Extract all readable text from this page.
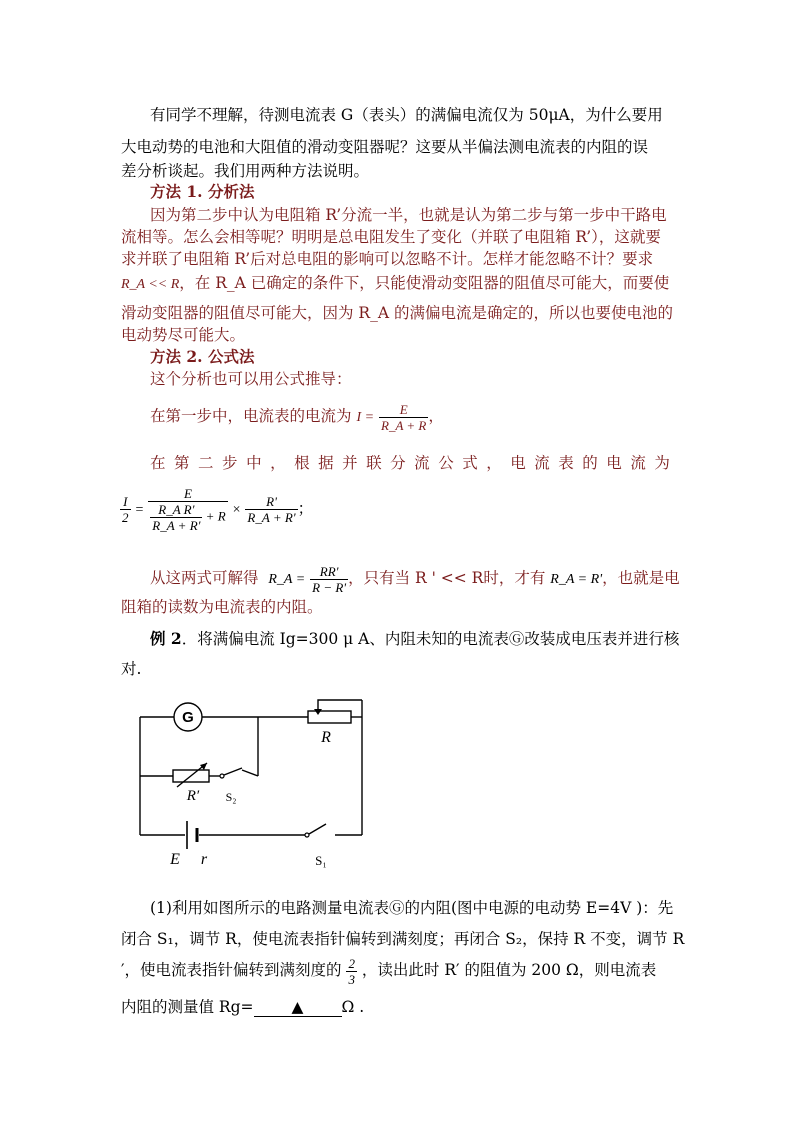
有同学不理解，待测电流表 G（表头）的满偏电流仅为 50μA，为什么要用
大电动势的电池和大阻值的滑动变阻器呢？这要从半偏法测电流表的内阻的误
差分析谈起。我们用两种方法说明。
方法 1. 分析法
因为第二步中认为电阻箱 R’分流一半，也就是认为第二步与第一步中干路电
流相等。怎么会相等呢？明明是总电阻发生了变化（并联了电阻箱 R’），这就要
求并联了电阻箱 R’后对总电阻的影响可以忽略不计。怎样才能忽略不计？要求
R_A << R，在 R_A 已确定的条件下，只能使滑动变阻器的阻值尽可能大，而要使
滑动变阻器的阻值尽可能大，因为 R_A 的满偏电流是确定的，所以也要使电池的
电动势尽可能大。
方法 2. 公式法
这个分析也可以用公式推导：
在第一步中，电流表的电流为 $I = \frac{E}{R\_A + R}$ ，
在 第 二 步 中 ， 根 据 并 联 分 流 公 式 ， 电 流 表 的 电 流 为
$\frac{I}{2} = \frac{E}{\frac{\text{R\_A R'}}{R\_A + R'} + R} \times \frac{R'}{R\_A + R'}$ ；
从这两式可解得 R_A = $\frac{RR'}{R - R'}$ ，只有当 R ' << R时，才有 R_A = R'，也就是电
阻箱的读数为电流表的内阻。
例 2．将满偏电流 Ig=300 μ A、内阻未知的电流表Ⓖ改装成电压表并进行核
对.
G
R
R′ S₂
E r	S₁
(1)利用如图所示的电路测量电流表Ⓖ的内阻(图中电源的电动势 E=4V )：先
闭合 S₁，调节 R，使电流表指针偏转到满刻度；再闭合 S₂，保持 R 不变，调节 R
′，使电流表指针偏转到满刻度的 $\frac{2}{3}$ ，读出此时 R′ 的阻值为 200 Ω，则电流表
内阻的测量值 Rg= ▲ Ω .
